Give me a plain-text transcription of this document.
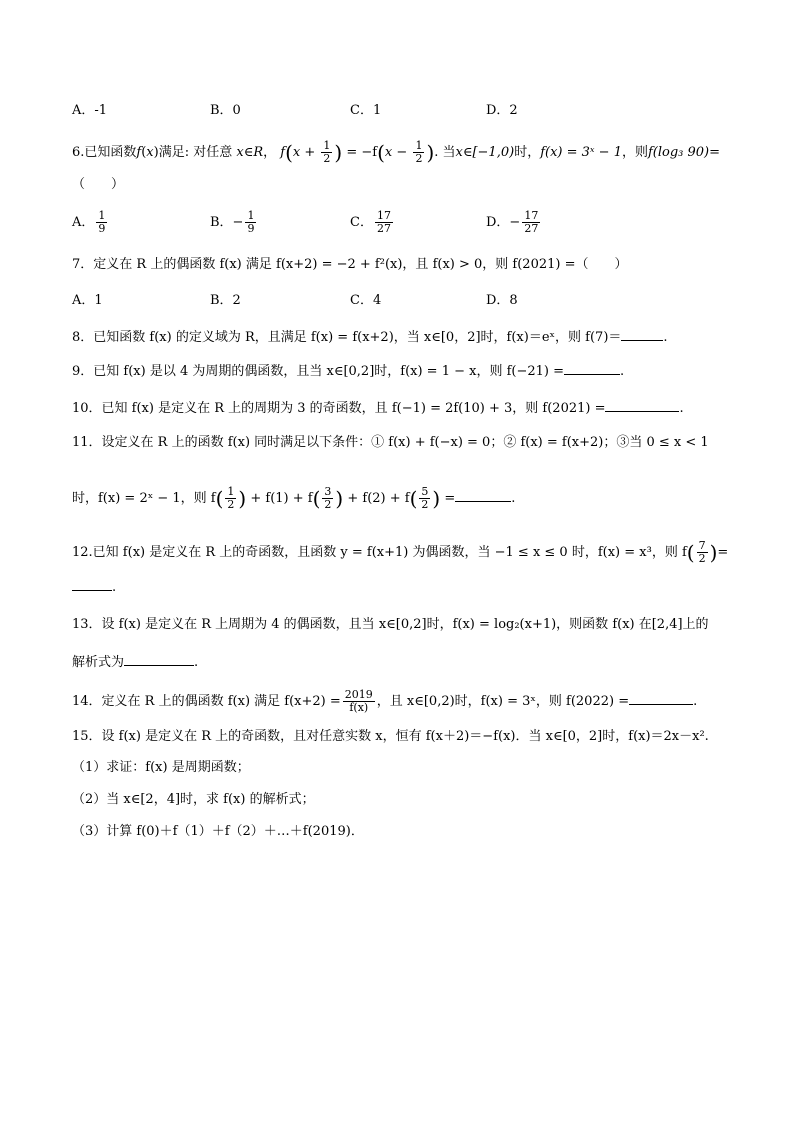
A．-1	B．0	C．1	D．2
6.已知函数f(x)满足: 对任意 x∈R， $f(x + \frac{1}{2}$ ) = $-f(x - \frac{1}{2}$ ). 当x∈[−1,0)时，f(x) = 3ˣ − 1，则f(log₃ 90)=
（　　）
A． $\frac{1}{9}$	B．− $\frac{1}{9}$	C． $\frac{17}{27}$	D．− $\frac{17}{27}$
7．定义在 R 上的偶函数 f(x) 满足 f(x+2) = −2 + f²(x)，且 f(x) > 0，则 f(2021) =（　　）
A．1	B．2	C．4	D．8
8．已知函数 f(x) 的定义域为 R，且满足 f(x) = f(x+2)，当 x∈[0，2]时，f(x)＝eˣ，则 f(7)＝	.
9．已知 f(x) 是以 4 为周期的偶函数，且当 x∈[0,2]时，f(x) = 1 − x，则 f(−21) =	.
10．已知 f(x) 是定义在 R 上的周期为 3 的奇函数，且 f(−1) = 2f(10) + 3，则 f(2021) =	.
11．设定义在 R 上的函数 f(x) 同时满足以下条件：① f(x) + f(−x) = 0；② f(x) = f(x+2)；③当 0 ≤ x < 1
时，f(x) = 2ˣ − 1，则 $f( \frac{1}{2}$ ) + $f(1) + f( \frac{3}{2}$ ) + $f(2) + f( \frac{5}{2}$ ) =	.
12.已知 f(x) 是定义在 R 上的奇函数，且函数 y = f(x+1) 为偶函数，当 −1 ≤ x ≤ 0 时，f(x) = x³，则 $f( \frac{7}{2}$ )=
.
13．设 f(x) 是定义在 R 上周期为 4 的偶函数，且当 x∈[0,2]时，f(x) = log₂(x+1)，则函数 f(x) 在[2,4]上的
解析式为	.
14．定义在 R 上的偶函数 f(x) 满足 $f(x+2) = \frac{2019}{f(x)}$ ，且 x∈[0,2)时，f(x) = 3ˣ，则 f(2022) =	.
15．设 f(x) 是定义在 R 上的奇函数，且对任意实数 x，恒有 f(x＋2)＝−f(x)．当 x∈[0，2]时，f(x)＝2x－x².
（1）求证：f(x) 是周期函数；
（2）当 x∈[2，4]时，求 f(x) 的解析式；
（3）计算 f(0)＋f（1）＋f（2）＋…＋f(2019)．
